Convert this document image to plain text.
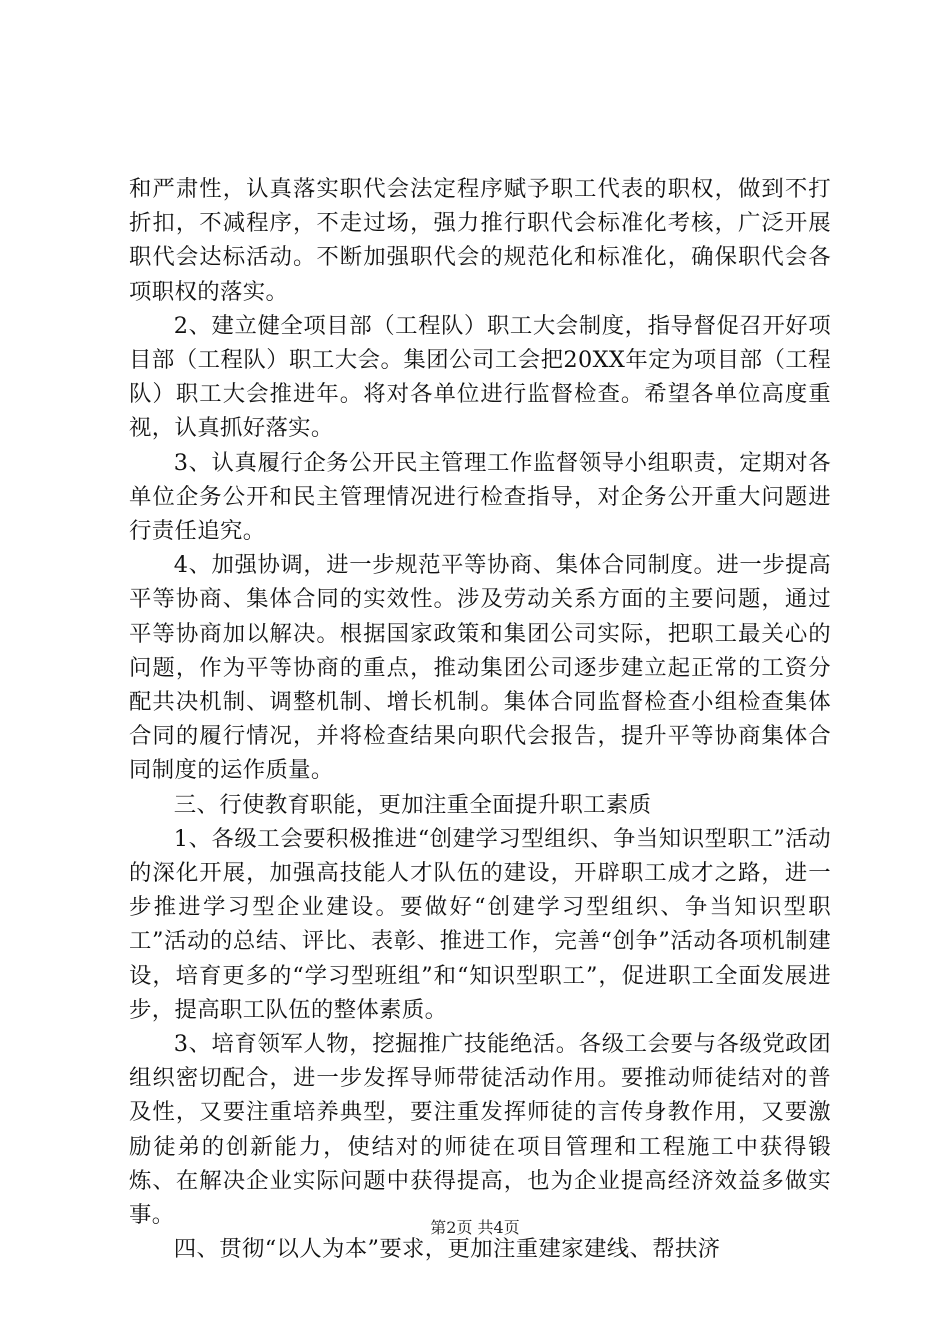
和严肃性，认真落实职代会法定程序赋予职工代表的职权，做到不打折扣，不减程序，不走过场，强力推行职代会标准化考核，广泛开展职代会达标活动。不断加强职代会的规范化和标准化，确保职代会各项职权的落实。

2、建立健全项目部（工程队）职工大会制度，指导督促召开好项目部（工程队）职工大会。集团公司工会把20XX年定为项目部（工程队）职工大会推进年。将对各单位进行监督检查。希望各单位高度重视，认真抓好落实。

3、认真履行企务公开民主管理工作监督领导小组职责，定期对各单位企务公开和民主管理情况进行检查指导，对企务公开重大问题进行责任追究。

4、加强协调，进一步规范平等协商、集体合同制度。进一步提高平等协商、集体合同的实效性。涉及劳动关系方面的主要问题，通过平等协商加以解决。根据国家政策和集团公司实际，把职工最关心的问题，作为平等协商的重点，推动集团公司逐步建立起正常的工资分配共决机制、调整机制、增长机制。集体合同监督检查小组检查集体合同的履行情况，并将检查结果向职代会报告，提升平等协商集体合同制度的运作质量。

三、行使教育职能，更加注重全面提升职工素质

1、各级工会要积极推进“创建学习型组织、争当知识型职工”活动的深化开展，加强高技能人才队伍的建设，开辟职工成才之路，进一步推进学习型企业建设。要做好“创建学习型组织、争当知识型职工”活动的总结、评比、表彰、推进工作，完善“创争”活动各项机制建设，培育更多的“学习型班组”和“知识型职工”，促进职工全面发展进步，提高职工队伍的整体素质。

3、培育领军人物，挖掘推广技能绝活。各级工会要与各级党政团组织密切配合，进一步发挥导师带徒活动作用。要推动师徒结对的普及性，又要注重培养典型，要注重发挥师徒的言传身教作用，又要激励徒弟的创新能力，使结对的师徒在项目管理和工程施工中获得锻炼、在解决企业实际问题中获得提高，也为企业提高经济效益多做实事。

四、贯彻“以人为本”要求，更加注重建家建线、帮扶济

第2页 共4页
